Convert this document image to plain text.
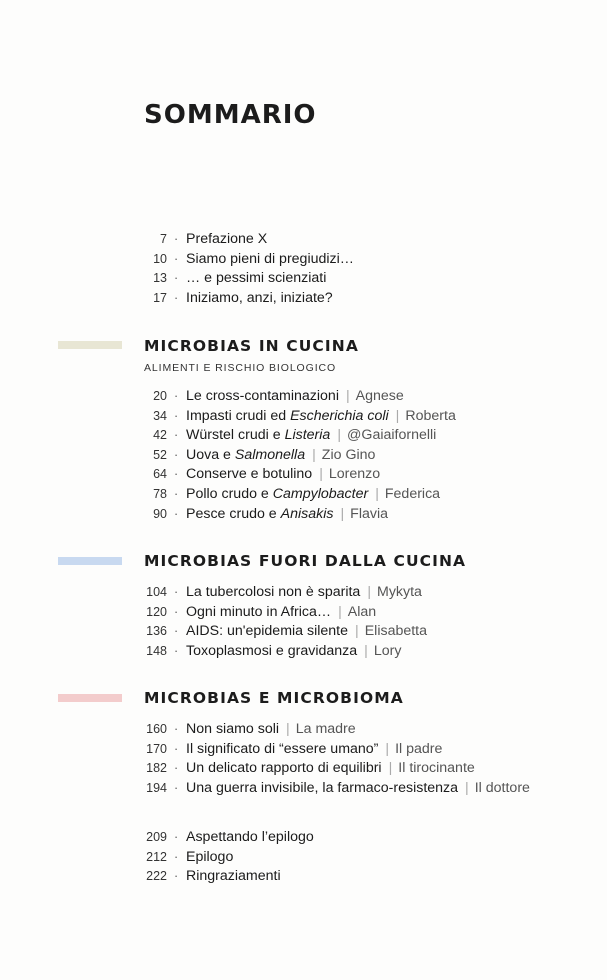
SOMMARIO
7 · Prefazione X
10 · Siamo pieni di pregiudizi…
13 · … e pessimi scienziati
17 · Iniziamo, anzi, iniziate?
MICROBIAS IN CUCINA

ALIMENTI E RISCHIO BIOLOGICO

20 · Le cross-contaminazioni | Agnese
34 · Impasti crudi ed Escherichia coli | Roberta
42 · Würstel crudi e Listeria | @Gaiaifornelli
52 · Uova e Salmonella | Zio Gino
64 · Conserve e botulino | Lorenzo
78 · Pollo crudo e Campylobacter | Federica
90 · Pesce crudo e Anisakis | Flavia
MICROBIAS FUORI DALLA CUCINA
104 · La tubercolosi non è sparita | Mykyta
120 · Ogni minuto in Africa… | Alan
136 · AIDS: un'epidemia silente | Elisabetta
148 · Toxoplasmosi e gravidanza | Lory
MICROBIAS E MICROBIOMA
160 · Non siamo soli | La madre
170 · Il significato di “essere umano” | Il padre
182 · Un delicato rapporto di equilibri | Il tirocinante
194 · Una guerra invisibile, la farmaco-resistenza | Il dottore
209 · Aspettando l’epilogo
212 · Epilogo
222 · Ringraziamenti
